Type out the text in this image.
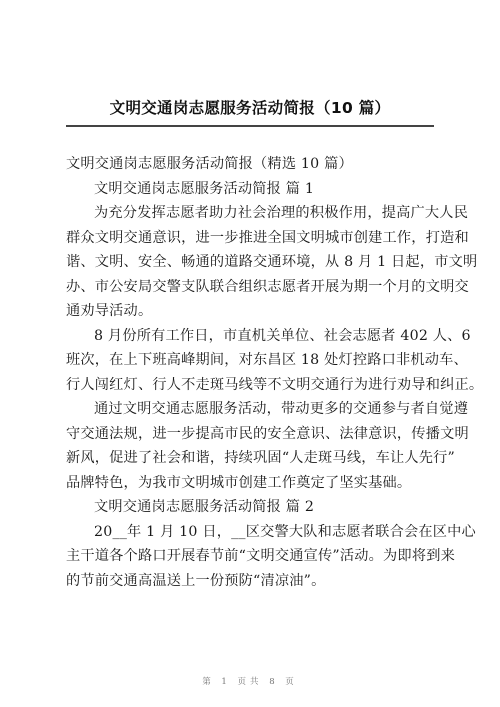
文明交通岗志愿服务活动简报（10 篇）
文明交通岗志愿服务活动简报（精选 10 篇）
文明交通岗志愿服务活动简报 篇 1
为充分发挥志愿者助力社会治理的积极作用，提高广大人民
群众文明交通意识，进一步推进全国文明城市创建工作，打造和
谐、文明、安全、畅通的道路交通环境，从 8 月 1 日起，市文明
办、市公安局交警支队联合组织志愿者开展为期一个月的文明交
通劝导活动。
8 月份所有工作日，市直机关单位、社会志愿者 402 人、6
班次，在上下班高峰期间，对东昌区 18 处灯控路口非机动车、
行人闯红灯、行人不走斑马线等不文明交通行为进行劝导和纠正。
通过文明交通志愿服务活动，带动更多的交通参与者自觉遵
守交通法规，进一步提高市民的安全意识、法律意识，传播文明
新风，促进了社会和谐，持续巩固“人走斑马线，车让人先行”
品牌特色，为我市文明城市创建工作奠定了坚实基础。
文明交通岗志愿服务活动简报 篇 2
20__年 1 月 10 日，__区交警大队和志愿者联合会在区中心
主干道各个路口开展春节前“文明交通宣传”活动。为即将到来
的节前交通高温送上一份预防“清凉油”。
第 1 页共 8 页
